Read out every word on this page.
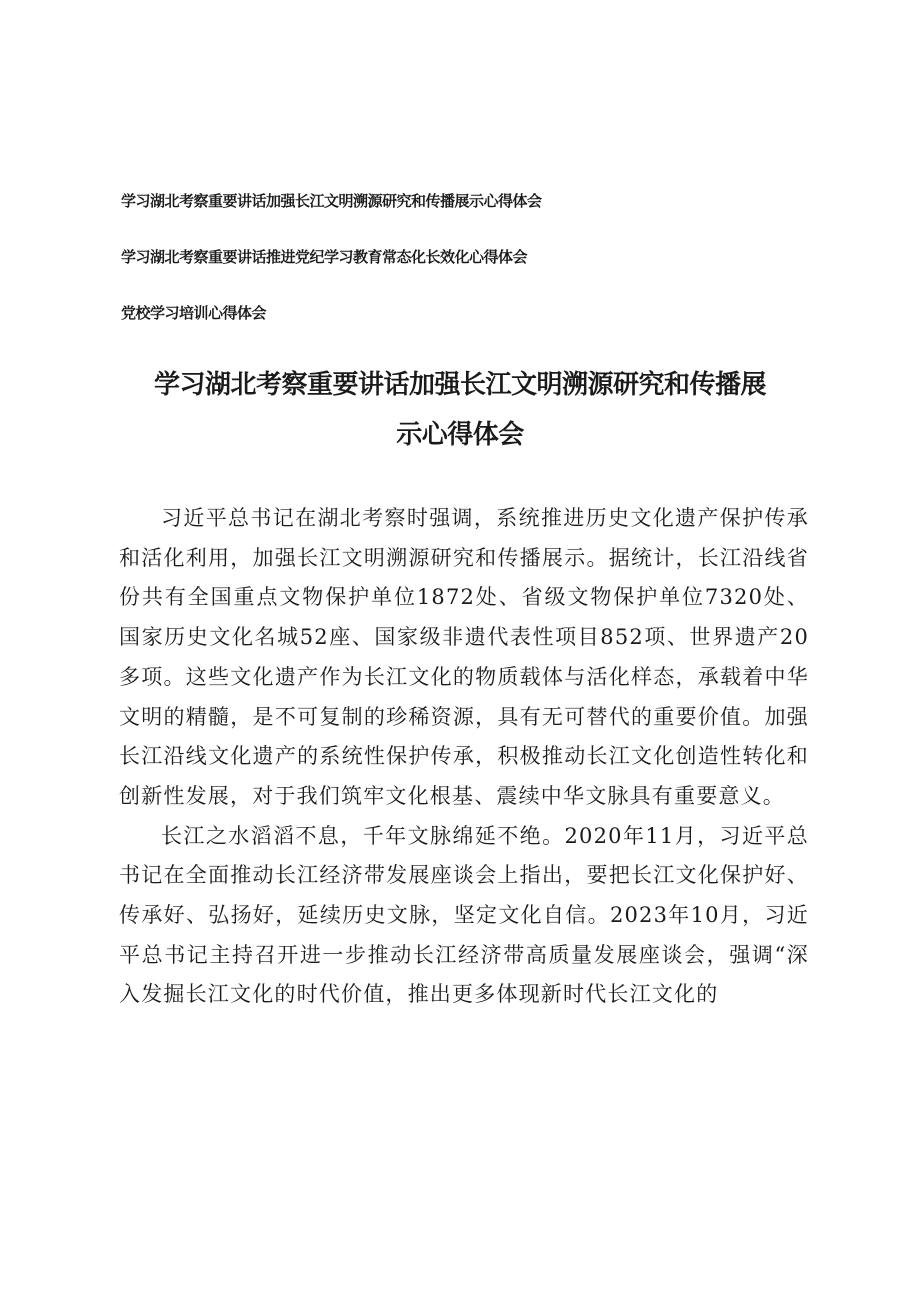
学习湖北考察重要讲话加强长江文明溯源研究和传播展示心得体会
学习湖北考察重要讲话推进党纪学习教育常态化长效化心得体会
党校学习培训心得体会
学习湖北考察重要讲话加强长江文明溯源研究和传播展
示心得体会

习近平总书记在湖北考察时强调，系统推进历史文化遗产保护传承和活化利用，加强长江文明溯源研究和传播展示。据统计，长江沿线省份共有全国重点文物保护单位1872处、省级文物保护单位7320处、国家历史文化名城52座、国家级非遗代表性项目852项、世界遗产20多项。这些文化遗产作为长江文化的物质载体与活化样态，承载着中华文明的精髓，是不可复制的珍稀资源，具有无可替代的重要价值。加强长江沿线文化遗产的系统性保护传承，积极推动长江文化创造性转化和创新性发展，对于我们筑牢文化根基、震续中华文脉具有重要意义。

长江之水滔滔不息，千年文脉绵延不绝。2020年11月，习近平总书记在全面推动长江经济带发展座谈会上指出，要把长江文化保护好、传承好、弘扬好，延续历史文脉，坚定文化自信。2023年10月，习近平总书记主持召开进一步推动长江经济带高质量发展座谈会，强调“深入发掘长江文化的时代价值，推出更多体现新时代长江文化的
